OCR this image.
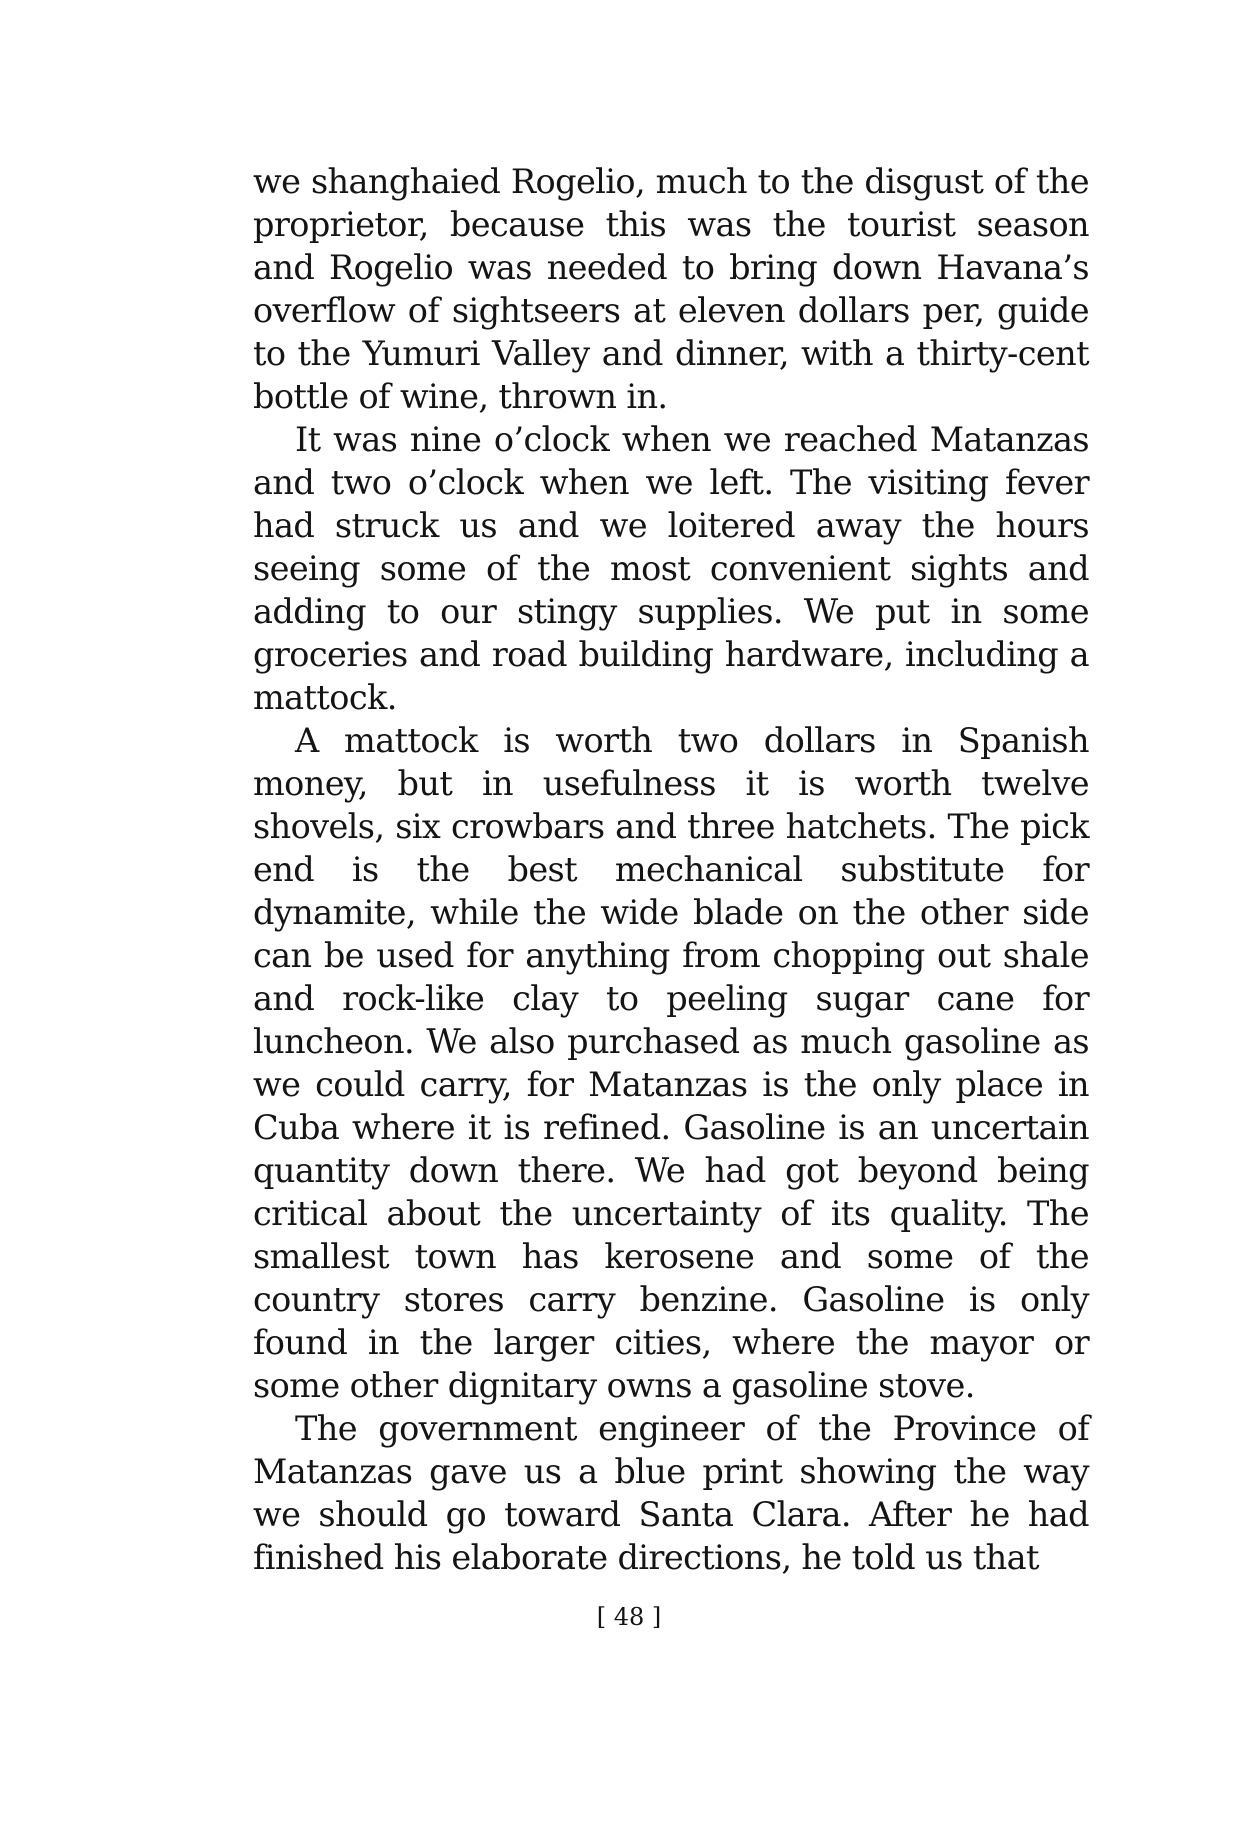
we shanghaied Rogelio, much to the disgust of the proprietor, because this was the tourist season and Rogelio was needed to bring down Havana’s overflow of sightseers at eleven dollars per, guide to the Yumuri Valley and dinner, with a thirty-cent bottle of wine, thrown in.

It was nine o’clock when we reached Matanzas and two o’clock when we left. The visiting fever had struck us and we loitered away the hours seeing some of the most convenient sights and adding to our stingy supplies. We put in some groceries and road building hardware, including a mattock.

A mattock is worth two dollars in Spanish money, but in usefulness it is worth twelve shovels, six crowbars and three hatchets. The pick end is the best mechanical substitute for dynamite, while the wide blade on the other side can be used for anything from chopping out shale and rock-like clay to peeling sugar cane for luncheon. We also purchased as much gasoline as we could carry, for Matanzas is the only place in Cuba where it is refined. Gasoline is an uncertain quantity down there. We had got beyond being critical about the uncertainty of its quality. The smallest town has kerosene and some of the country stores carry benzine. Gasoline is only found in the larger cities, where the mayor or some other dignitary owns a gasoline stove.

The government engineer of the Province of Matanzas gave us a blue print showing the way we should go toward Santa Clara. After he had finished his elaborate directions, he told us that

[ 48 ]
